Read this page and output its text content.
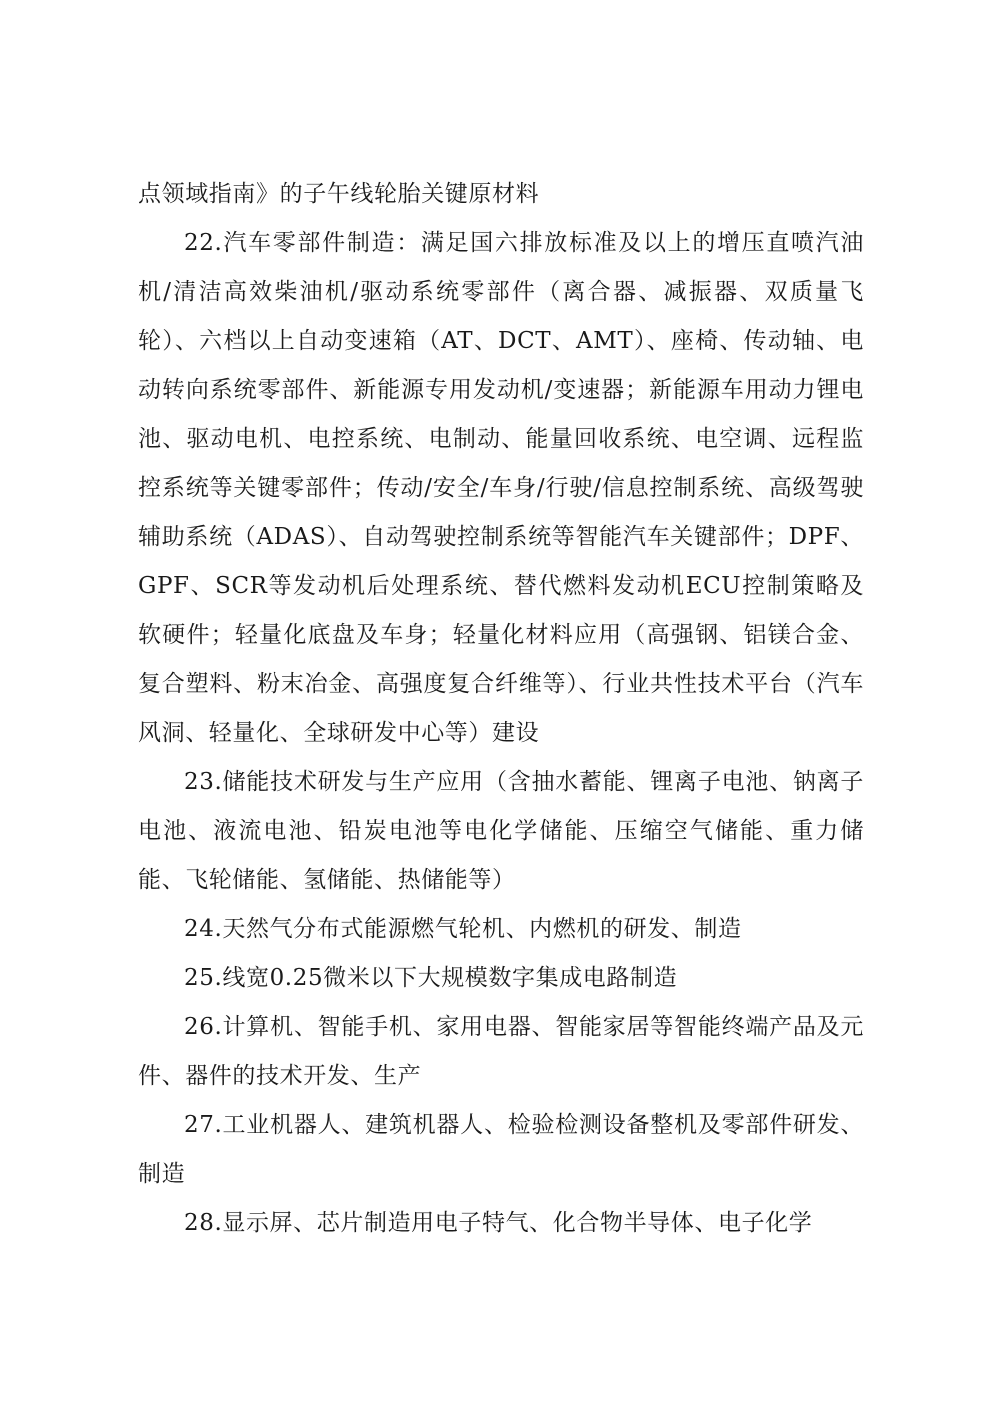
点领域指南》的子午线轮胎关键原材料

22.汽车零部件制造：满足国六排放标准及以上的增压直喷汽油机/清洁高效柴油机/驱动系统零部件（离合器、减振器、双质量飞轮）、六档以上自动变速箱（AT、DCT、AMT）、座椅、传动轴、电动转向系统零部件、新能源专用发动机/变速器；新能源车用动力锂电池、驱动电机、电控系统、电制动、能量回收系统、电空调、远程监控系统等关键零部件；传动/安全/车身/行驶/信息控制系统、高级驾驶辅助系统（ADAS）、自动驾驶控制系统等智能汽车关键部件；DPF、GPF、SCR等发动机后处理系统、替代燃料发动机ECU控制策略及软硬件；轻量化底盘及车身；轻量化材料应用（高强钢、铝镁合金、复合塑料、粉末冶金、高强度复合纤维等）、行业共性技术平台（汽车风洞、轻量化、全球研发中心等）建设

23.储能技术研发与生产应用（含抽水蓄能、锂离子电池、钠离子电池、液流电池、铅炭电池等电化学储能、压缩空气储能、重力储能、飞轮储能、氢储能、热储能等）

24.天然气分布式能源燃气轮机、内燃机的研发、制造

25.线宽0.25微米以下大规模数字集成电路制造

26.计算机、智能手机、家用电器、智能家居等智能终端产品及元件、器件的技术开发、生产

27.工业机器人、建筑机器人、检验检测设备整机及零部件研发、制造

28.显示屏、芯片制造用电子特气、化合物半导体、电子化学
